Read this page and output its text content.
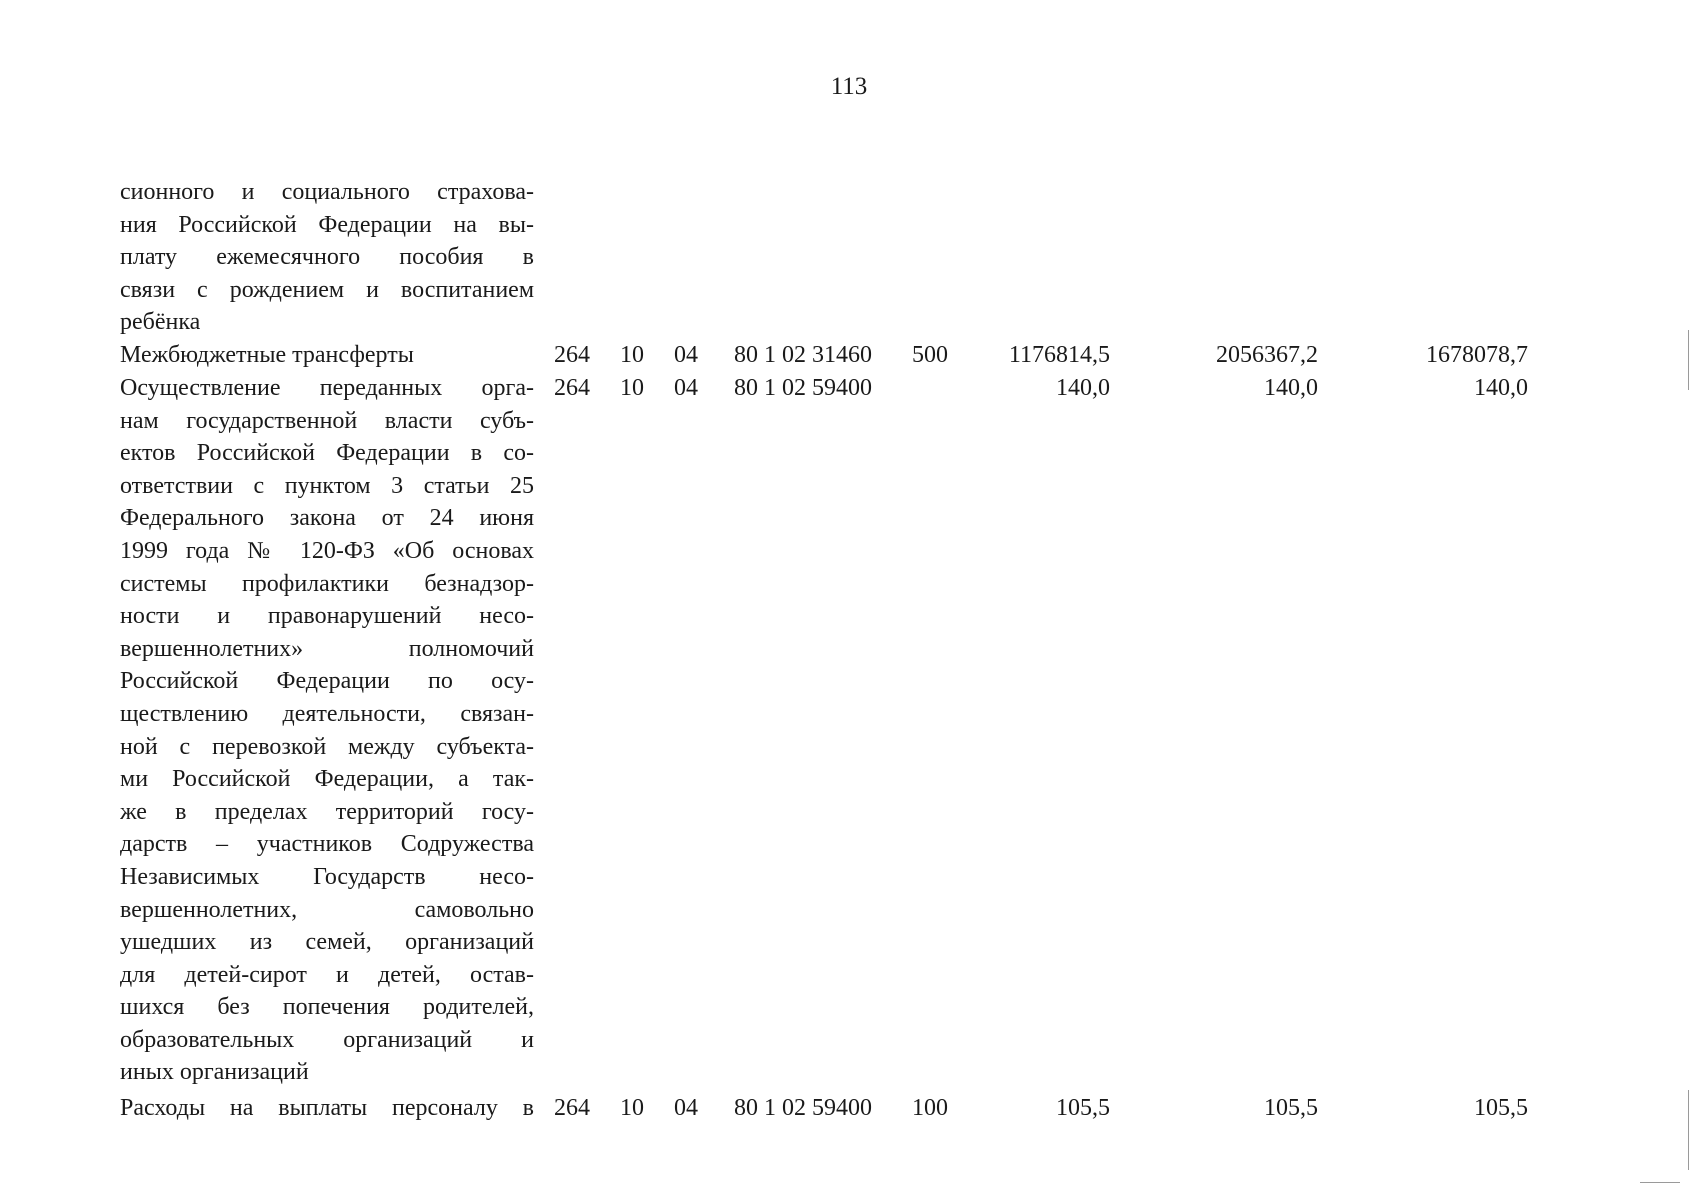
113
сионного и социального страхова-
ния Российской Федерации на вы-
плату ежемесячного пособия в
связи с рождением и воспитанием
ребёнка
Межбюджетные трансферты	264 10 04 80 1 02 31460 500	1176814,5	2056367,2	1678078,7
Осуществление переданных орга-
нам государственной власти субъ-
ектов Российской Федерации в со-
ответствии с пунктом 3 статьи 25
Федерального закона от 24 июня
1999 года № 120-ФЗ «Об основах
системы профилактики безнадзор-
ности и правонарушений несо-
вершеннолетних» полномочий
Российской Федерации по осу-
ществлению деятельности, связан-
ной с перевозкой между субъекта-
ми Российской Федерации, а так-
же в пределах территорий госу-
дарств – участников Содружества
Независимых Государств несо-
вершеннолетних, самовольно
ушедших из семей, организаций
для детей-сирот и детей, остав-
шихся без попечения родителей,
образовательных организаций и
иных организаций
264 10 04 80 1 02 59400	140,0	140,0	140,0
Расходы на выплаты персоналу в 264 10 04 80 1 02 59400 100	105,5	105,5	105,5
